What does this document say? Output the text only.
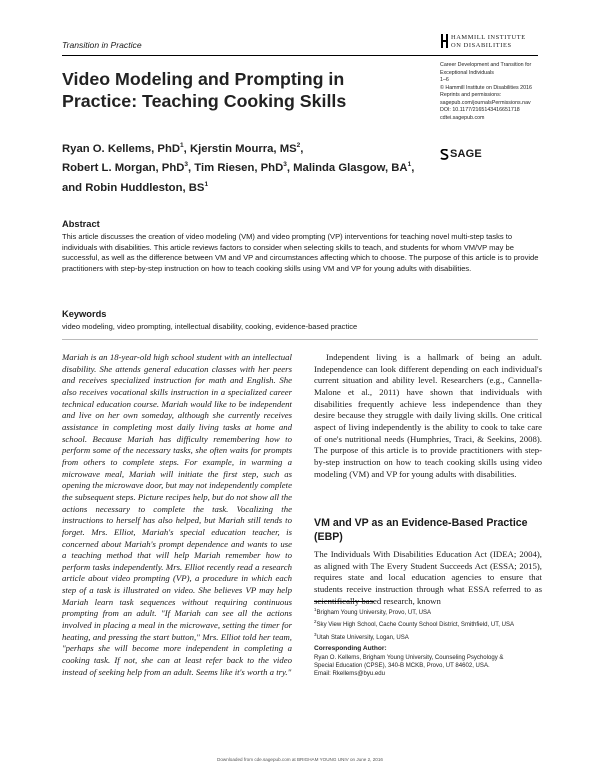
Transition in Practice
HAMMILL INSTITUTE
ON DISABILITIES
Career Development and Transition for
Exceptional Individuals
1–6
© Hammill Institute on Disabilities 2016
Reprints and permissions:
sagepub.com/journalsPermissions.nav
DOI: 10.1177/2165143416651718
cdtei.sagepub.com
SAGE
Video Modeling and Prompting in Practice: Teaching Cooking Skills
Ryan O. Kellems, PhD$^1$, Kjerstin Mourra, $MS^2$,
Robert L. Morgan, PhD$^3$, Tim Riesen, PhD$^3$, Malinda Glasgow, $BA^1$,
and Robin Huddleston, $BS^1$
Abstract

This article discusses the creation of video modeling (VM) and video prompting (VP) interventions for teaching novel multi-step tasks to individuals with disabilities. This article reviews factors to consider when selecting skills to teach, and students for whom VM/VP may be successful, as well as the difference between VM and VP and circumstances affecting which to choose. The purpose of this article is to provide practitioners with step-by-step instruction on how to teach cooking skills using VM and VP for young adults with disabilities.

Keywords

video modeling, video prompting, intellectual disability, cooking, evidence-based practice

Mariah is an 18-year-old high school student with an intellectual disability. She attends general education classes with her peers and receives specialized instruction for math and English. She also receives vocational skills instruction in a specialized career technical education course. Mariah would like to be independent and live on her own someday, although she currently receives assistance in completing most daily living tasks at home and school. Because Mariah has difficulty remembering how to perform some of the necessary tasks, she often waits for prompts from others to complete steps. For example, in warming a microwave meal, Mariah will initiate the first step, such as opening the microwave door, but may not independently complete the subsequent steps. Picture recipes help, but do not show all the actions necessary to complete the task. Vocalizing the instructions to herself has also helped, but Mariah still tends to forget. Mrs. Elliot, Mariah's special education teacher, is concerned about Mariah's prompt dependence and wants to use a teaching method that will help Mariah remember how to perform tasks independently. Mrs. Elliot recently read a research article about video prompting (VP), a procedure in which each step of a task is illustrated on video. She believes VP may help Mariah learn task sequences without requiring continuous prompting from an adult. "If Mariah can see all the actions involved in placing a meal in the microwave, setting the timer for heating, and pressing the start button," Mrs. Elliot told her team, "perhaps she will become more independent in completing a cooking task. If not, she can at least refer back to the video instead of seeking help from an adult. Seems like it's worth a try."

Independent living is a hallmark of being an adult. Independence can look different depending on each individual's current situation and ability level. Researchers (e.g., Cannella-Malone et al., 2011) have shown that individuals with disabilities frequently achieve less independence than they desire because they struggle with daily living skills. One critical aspect of living independently is the ability to cook to take care of one's nutritional needs (Humphries, Traci, & Seekins, 2008). The purpose of this article is to provide practitioners with step-by-step instruction on how to teach cooking skills using video modeling (VM) and VP for young adults with disabilities.

VM and VP as an Evidence-Based Practice (EBP)

The Individuals With Disabilities Education Act (IDEA; 2004), as aligned with The Every Student Succeeds Act (ESSA; 2015), requires state and local education agencies to ensure that students receive instruction through what ESSA referred to as scientifically based research, known

$^1$Brigham Young University, Provo, UT, USA
$^2$Sky View High School, Cache County School District, Smithfield, UT, USA
$^3$Utah State University, Logan, USA
Corresponding Author:
Ryan O. Kellems, Brigham Young University, Counseling Psychology &
Special Education (CPSE), 340-B MCKB, Provo, UT 84602, USA.
Email: Rkellems@byu.edu
Downloaded from cde.sagepub.com at BRIGHAM YOUNG UNIV on June 2, 2016
